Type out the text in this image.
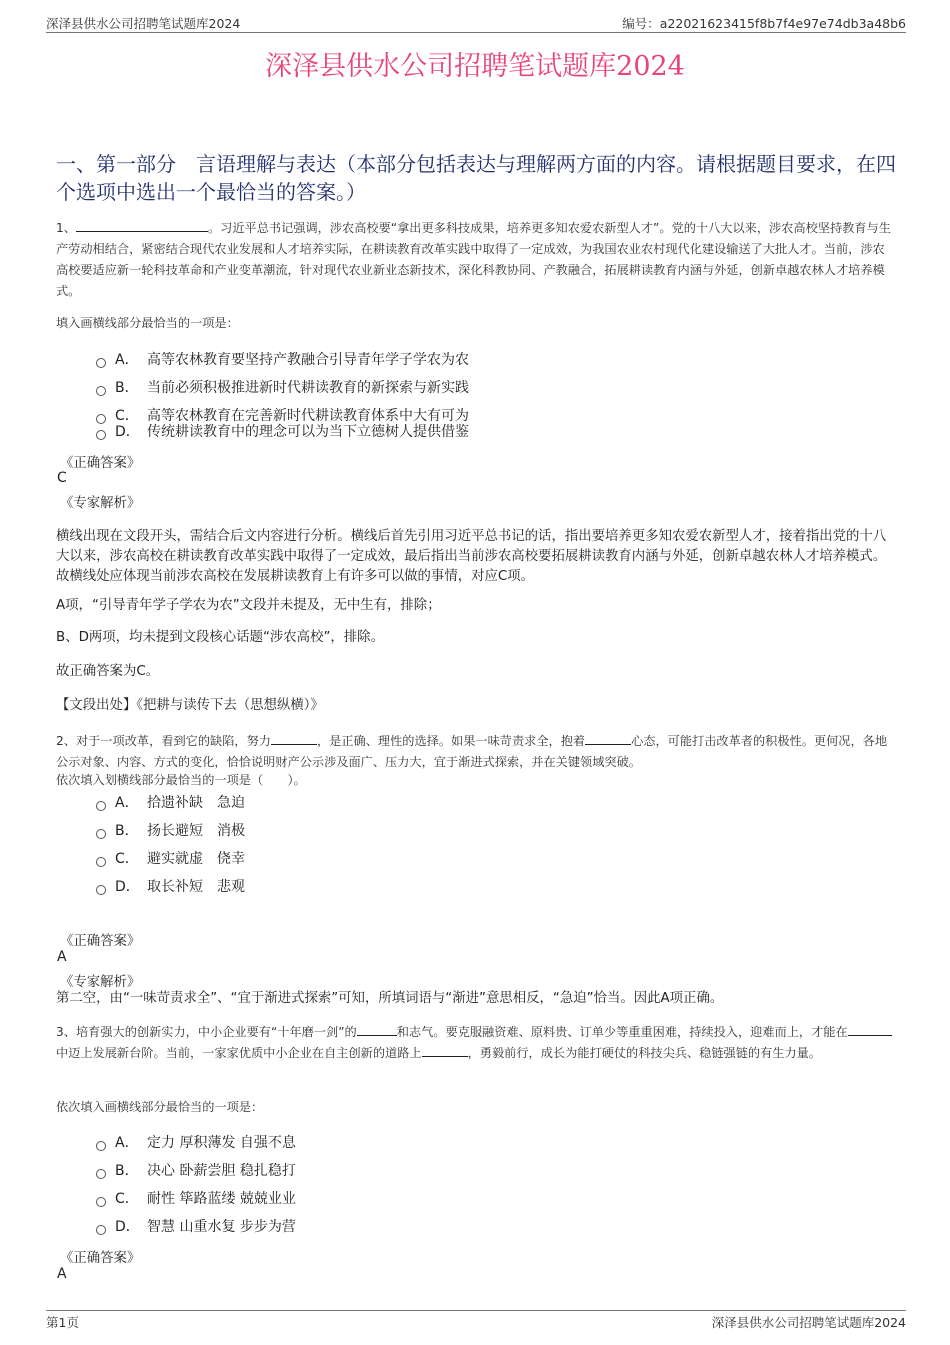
深泽县供水公司招聘笔试题库2024	编号：a22021623415f8b7f4e97e74db3a48b6
深泽县供水公司招聘笔试题库2024
一、第一部分　言语理解与表达（本部分包括表达与理解两方面的内容。请根据题目要求，在四个选项中选出一个最恰当的答案。）
1、	。习近平总书记强调，涉农高校要“拿出更多科技成果，培养更多知农爱农新型人才”。党的十八大以来，涉农高校坚持教育与生产劳动相结合，紧密结合现代农业发展和人才培养实际，在耕读教育改革实践中取得了一定成效，为我国农业农村现代化建设输送了大批人才。当前，涉农高校要适应新一轮科技革命和产业变革潮流，针对现代农业新业态新技术，深化科教协同、产教融合，拓展耕读教育内涵与外延，创新卓越农林人才培养模式。
填入画横线部分最恰当的一项是：
A． 高等农林教育要坚持产教融合引导青年学子学农为农
B． 当前必须积极推进新时代耕读教育的新探索与新实践
C． 高等农林教育在完善新时代耕读教育体系中大有可为
D． 传统耕读教育中的理念可以为当下立德树人提供借鉴
《正确答案》
C
《专家解析》
横线出现在文段开头，需结合后文内容进行分析。横线后首先引用习近平总书记的话，指出要培养更多知农爱农新型人才，接着指出党的十八大以来，涉农高校在耕读教育改革实践中取得了一定成效，最后指出当前涉农高校要拓展耕读教育内涵与外延，创新卓越农林人才培养模式。故横线处应体现当前涉农高校在发展耕读教育上有许多可以做的事情，对应C项。
A项，“引导青年学子学农为农”文段并未提及，无中生有，排除；
B、D两项，均未提到文段核心话题“涉农高校”，排除。
故正确答案为C。
【文段出处】《把耕与读传下去（思想纵横）》
2、对于一项改革，看到它的缺陷，努力	，是正确、理性的选择。如果一味苛责求全，抱着	心态，可能打击改革者的积极性。更何况，各地公示对象、内容、方式的变化，恰恰说明财产公示涉及面广、压力大，宜于渐进式探索，并在关键领域突破。
依次填入划横线部分最恰当的一项是（　　）。
A． 拾遗补缺　急迫
B． 扬长避短　消极
C． 避实就虚　侥幸
D． 取长补短　悲观
《正确答案》
A
《专家解析》
第二空，由“一味苛责求全”、“宜于渐进式探索”可知，所填词语与“渐进”意思相反，“急迫”恰当。因此A项正确。
3、培育强大的创新实力，中小企业要有“十年磨一剑”的	和志气。要克服融资难、原料贵、订单少等重重困难，持续投入，迎难而上，才能在中迈上发展新台阶。当前，一家家优质中小企业在自主创新的道路上	，勇毅前行，成长为能打硬仗的科技尖兵、稳链强链的有生力量。
依次填入画横线部分最恰当的一项是：
A． 定力 厚积薄发 自强不息
B． 决心 卧薪尝胆 稳扎稳打
C． 耐性 筚路蓝缕 兢兢业业
D． 智慧 山重水复 步步为营
《正确答案》
A
第1页	深泽县供水公司招聘笔试题库2024
